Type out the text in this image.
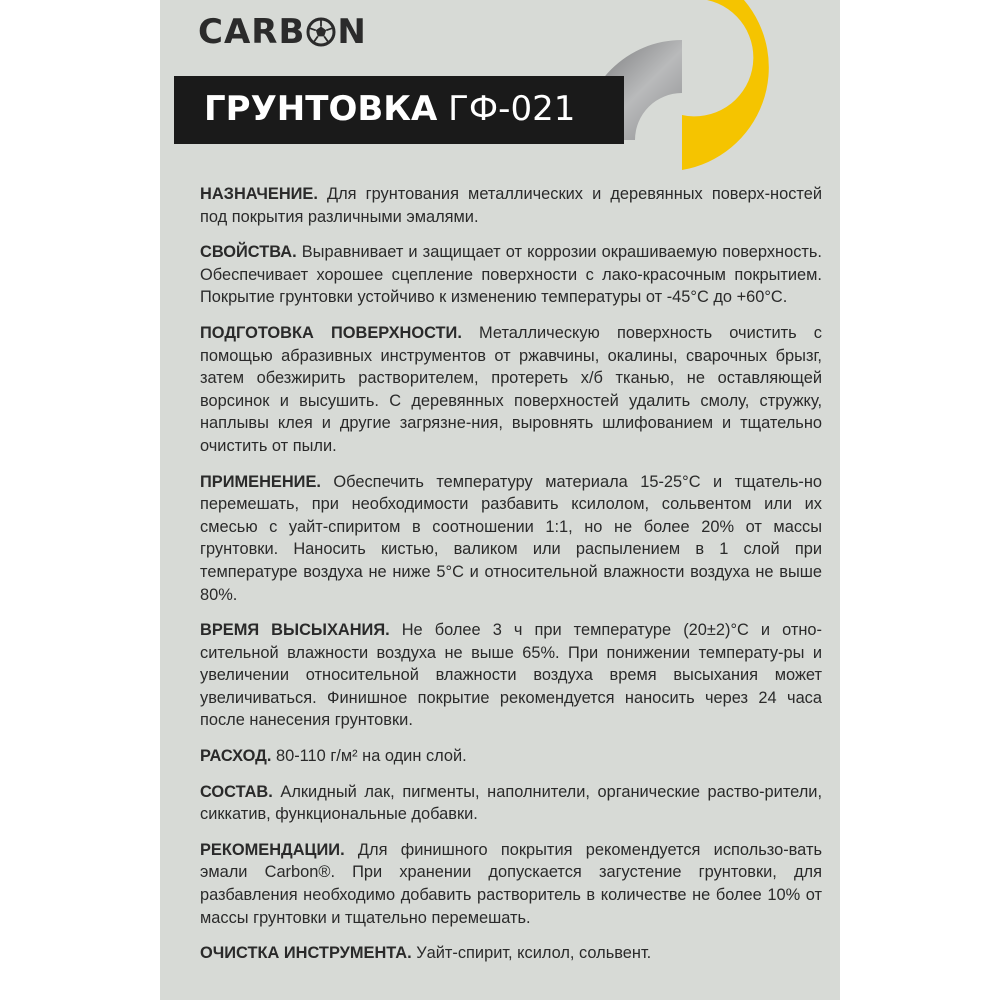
CARB N
ГРУНТОВКА ГФ-021

НАЗНАЧЕНИЕ. Для грунтования металлических и деревянных поверх-ностей под покрытия различными эмалями.

СВОЙСТВА. Выравнивает и защищает от коррозии окрашиваемую поверхность. Обеспечивает хорошее сцепление поверхности с лако-красочным покрытием. Покрытие грунтовки устойчиво к изменению температуры от -45°С до +60°С.

ПОДГОТОВКА ПОВЕРХНОСТИ. Металлическую поверхность очистить с помощью абразивных инструментов от ржавчины, окалины, сварочных брызг, затем обезжирить растворителем, протереть х/б тканью, не оставляющей ворсинок и высушить. С деревянных поверхностей удалить смолу, стружку, наплывы клея и другие загрязне-ния, выровнять шлифованием и тщательно очистить от пыли.

ПРИМЕНЕНИЕ. Обеспечить температуру материала 15-25°С и тщатель-но перемешать, при необходимости разбавить ксилолом, сольвентом или их смесью с уайт-спиритом в соотношении 1:1, но не более 20% от массы грунтовки. Наносить кистью, валиком или распылением в 1 слой при температуре воздуха не ниже 5°С и относительной влажности воздуха не выше 80%.

ВРЕМЯ ВЫСЫХАНИЯ. Не более 3 ч при температуре (20±2)°С и отно-сительной влажности воздуха не выше 65%. При понижении температу-ры и увеличении относительной влажности воздуха время высыхания может увеличиваться. Финишное покрытие рекомендуется наносить через 24 часа после нанесения грунтовки.

РАСХОД. 80-110 г/м² на один слой.

СОСТАВ. Алкидный лак, пигменты, наполнители, органические раство-рители, сиккатив, функциональные добавки.

РЕКОМЕНДАЦИИ. Для финишного покрытия рекомендуется использо-вать эмали Carbon®. При хранении допускается загустение грунтовки, для разбавления необходимо добавить растворитель в количестве не более 10% от массы грунтовки и тщательно перемешать.

ОЧИСТКА ИНСТРУМЕНТА. Уайт-спирит, ксилол, сольвент.
